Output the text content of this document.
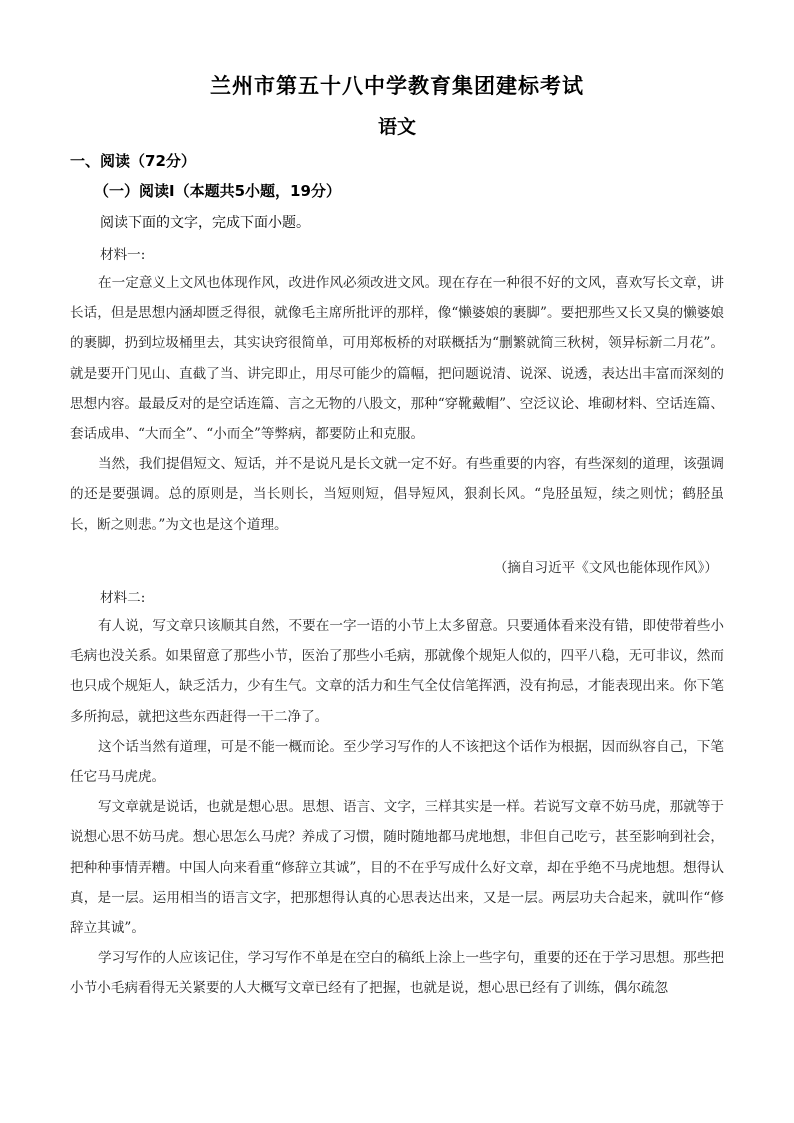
兰州市第五十八中学教育集团建标考试
语文
一、阅读（72分）
（一）阅读Ⅰ（本题共5小题，19分）
阅读下面的文字，完成下面小题。
材料一:

在一定意义上文风也体现作风，改进作风必须改进文风。现在存在一种很不好的文风，喜欢写长文章，讲长话，但是思想内涵却匮乏得很，就像毛主席所批评的那样，像“懒婆娘的裹脚”。要把那些又长又臭的懒婆娘的裹脚，扔到垃圾桶里去，其实诀窍很简单，可用郑板桥的对联概括为“删繁就简三秋树，领异标新二月花”。就是要开门见山、直截了当、讲完即止，用尽可能少的篇幅，把问题说清、说深、说透，表达出丰富而深刻的思想内容。最最反对的是空话连篇、言之无物的八股文，那种“穿靴戴帽”、空泛议论、堆砌材料、空话连篇、套话成串、“大而全”、“小而全”等弊病，都要防止和克服。

当然，我们提倡短文、短话，并不是说凡是长文就一定不好。有些重要的内容，有些深刻的道理，该强调的还是要强调。总的原则是，当长则长，当短则短，倡导短风，狠刹长风。“凫胫虽短，续之则忧；鹤胫虽长，断之则悲。”为文也是这个道理。

（摘自习近平《文风也能体现作风》）
材料二:

有人说，写文章只该顺其自然，不要在一字一语的小节上太多留意。只要通体看来没有错，即使带着些小毛病也没关系。如果留意了那些小节，医治了那些小毛病，那就像个规矩人似的，四平八稳，无可非议，然而也只成个规矩人，缺乏活力，少有生气。文章的活力和生气全仗信笔挥洒，没有拘忌，才能表现出来。你下笔多所拘忌，就把这些东西赶得一干二净了。

这个话当然有道理，可是不能一概而论。至少学习写作的人不该把这个话作为根据，因而纵容自己，下笔任它马马虎虎。

写文章就是说话，也就是想心思。思想、语言、文字，三样其实是一样。若说写文章不妨马虎，那就等于说想心思不妨马虎。想心思怎么马虎？养成了习惯，随时随地都马虎地想，非但自己吃亏，甚至影响到社会，把种种事情弄糟。中国人向来看重“修辞立其诚”，目的不在乎写成什么好文章，却在乎绝不马虎地想。想得认真，是一层。运用相当的语言文字，把那想得认真的心思表达出来，又是一层。两层功夫合起来，就叫作“修辞立其诚”。

学习写作的人应该记住，学习写作不单是在空白的稿纸上涂上一些字句，重要的还在于学习思想。那些把小节小毛病看得无关紧要的人大概写文章已经有了把握，也就是说，想心思已经有了训练，偶尔疏忽
